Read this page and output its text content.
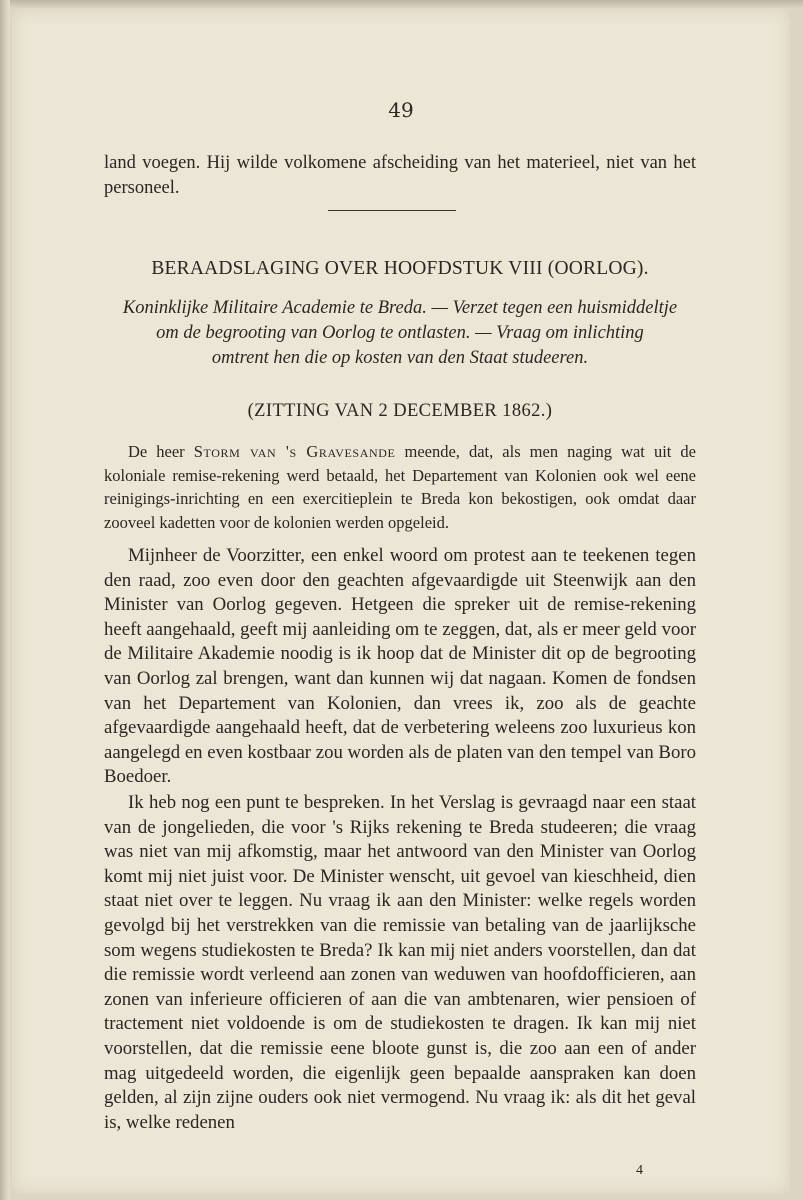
49

land voegen. Hij wilde volkomene afscheiding van het materieel, niet van het personeel.

BERAADSLAGING OVER HOOFDSTUK VIII (OORLOG).
Koninklijke Militaire Academie te Breda. — Verzet tegen een huismiddeltje
om de begrooting van Oorlog te ontlasten. — Vraag om inlichting
omtrent hen die op kosten van den Staat studeeren.
(ZITTING VAN 2 DECEMBER 1862.)

De heer Storm van 's Gravesande meende, dat, als men naging wat uit de koloniale remise-rekening werd betaald, het Departement van Kolonien ook wel eene reinigings-inrichting en een exercitieplein te Breda kon bekostigen, ook omdat daar zooveel kadetten voor de kolonien werden opgeleid.

Mijnheer de Voorzitter, een enkel woord om protest aan te teekenen tegen den raad, zoo even door den geachten afgevaardigde uit Steenwijk aan den Minister van Oorlog gegeven. Hetgeen die spreker uit de remise-rekening heeft aangehaald, geeft mij aanleiding om te zeggen, dat, als er meer geld voor de Militaire Akademie noodig is ik hoop dat de Minister dit op de begrooting van Oorlog zal brengen, want dan kunnen wij dat nagaan. Komen de fondsen van het Departement van Kolonien, dan vrees ik, zoo als de geachte afgevaardigde aangehaald heeft, dat de verbetering weleens zoo luxurieus kon aangelegd en even kostbaar zou worden als de platen van den tempel van Boro Boedoer.

Ik heb nog een punt te bespreken. In het Verslag is gevraagd naar een staat van de jongelieden, die voor 's Rijks rekening te Breda studeeren; die vraag was niet van mij afkomstig, maar het antwoord van den Minister van Oorlog komt mij niet juist voor. De Minister wenscht, uit gevoel van kieschheid, dien staat niet over te leggen. Nu vraag ik aan den Minister: welke regels worden gevolgd bij het verstrekken van die remissie van betaling van de jaarlijksche som wegens studiekosten te Breda? Ik kan mij niet anders voorstellen, dan dat die remissie wordt verleend aan zonen van weduwen van hoofdofficieren, aan zonen van inferieure officieren of aan die van ambtenaren, wier pensioen of tractement niet voldoende is om de studiekosten te dragen. Ik kan mij niet voorstellen, dat die remissie eene bloote gunst is, die zoo aan een of ander mag uitgedeeld worden, die eigenlijk geen bepaalde aanspraken kan doen gelden, al zijn zijne ouders ook niet vermogend. Nu vraag ik: als dit het geval is, welke redenen

4
